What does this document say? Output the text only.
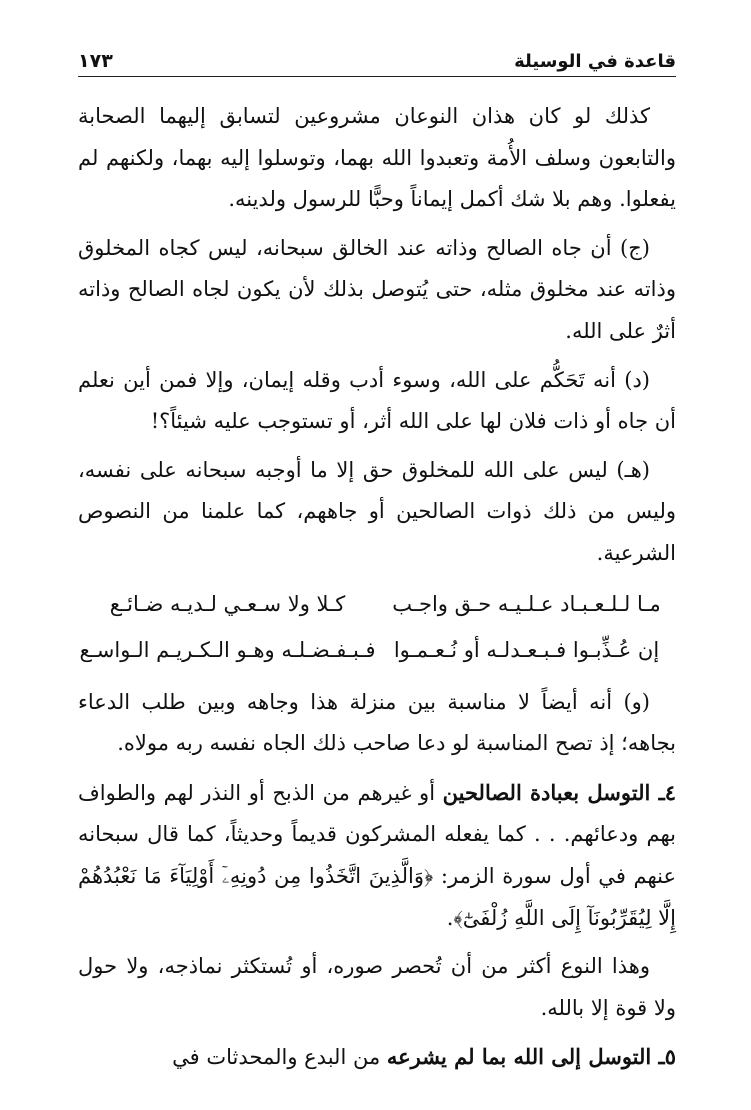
١٧٣	قاعدة في الوسيلة

كذلك لو كان هذان النوعان مشروعين لتسابق إليهما الصحابة والتابعون وسلف الأُمة وتعبدوا الله بهما، وتوسلوا إليه بهما، ولكنهم لم يفعلوا. وهم بلا شك أكمل إيماناً وحبًّا للرسول ولدينه.

(ج) أن جاه الصالح وذاته عند الخالق سبحانه، ليس كجاه المخلوق وذاته عند مخلوق مثله، حتى يُتوصل بذلك لأن يكون لجاه الصالح وذاته أثرٌ على الله.

(د) أنه تَحَكُّم على الله، وسوء أدب وقله إيمان، وإلا فمن أين نعلم أن جاه أو ذات فلان لها على الله أثر، أو تستوجب عليه شيئاً؟!

(هـ) ليس على الله للمخلوق حق إلا ما أوجبه سبحانه على نفسه، وليس من ذلك ذوات الصالحين أو جاههم، كما علمنا من النصوص الشرعية.

مـا لـلـعـبـاد عـلـيـه حـق واجـب
كـلا ولا سـعـي لـديـه ضـائـع
إن عُـذِّبـوا فـبـعـدلـه أو نُـعـمـوا
فـبـفـضـلـه وهـو الـكـريـم الـواسـع

(و) أنه أيضاً لا مناسبة بين منزلة هذا وجاهه وبين طلب الدعاء بجاهه؛ إذ تصح المناسبة لو دعا صاحب ذلك الجاه نفسه ربه مولاه.

٤ـ التوسل بعبادة الصالحين أو غيرهم من الذبح أو النذر لهم والطواف بهم ودعائهم. . . كما يفعله المشركون قديماً وحديثاً، كما قال سبحانه عنهم في أول سورة الزمر: ﴿وَالَّذِينَ اتَّخَذُوا مِن دُونِهِۦٓ أَوْلِيَآءَ مَا نَعْبُدُهُمْ إِلَّا لِيُقَرِّبُونَآ إِلَى اللَّهِ زُلْفَىٰٓ﴾.

وهذا النوع أكثر من أن تُحصر صوره، أو تُستكثر نماذجه، ولا حول ولا قوة إلا بالله.

٥ـ التوسل إلى الله بما لم يشرعه من البدع والمحدثات في
